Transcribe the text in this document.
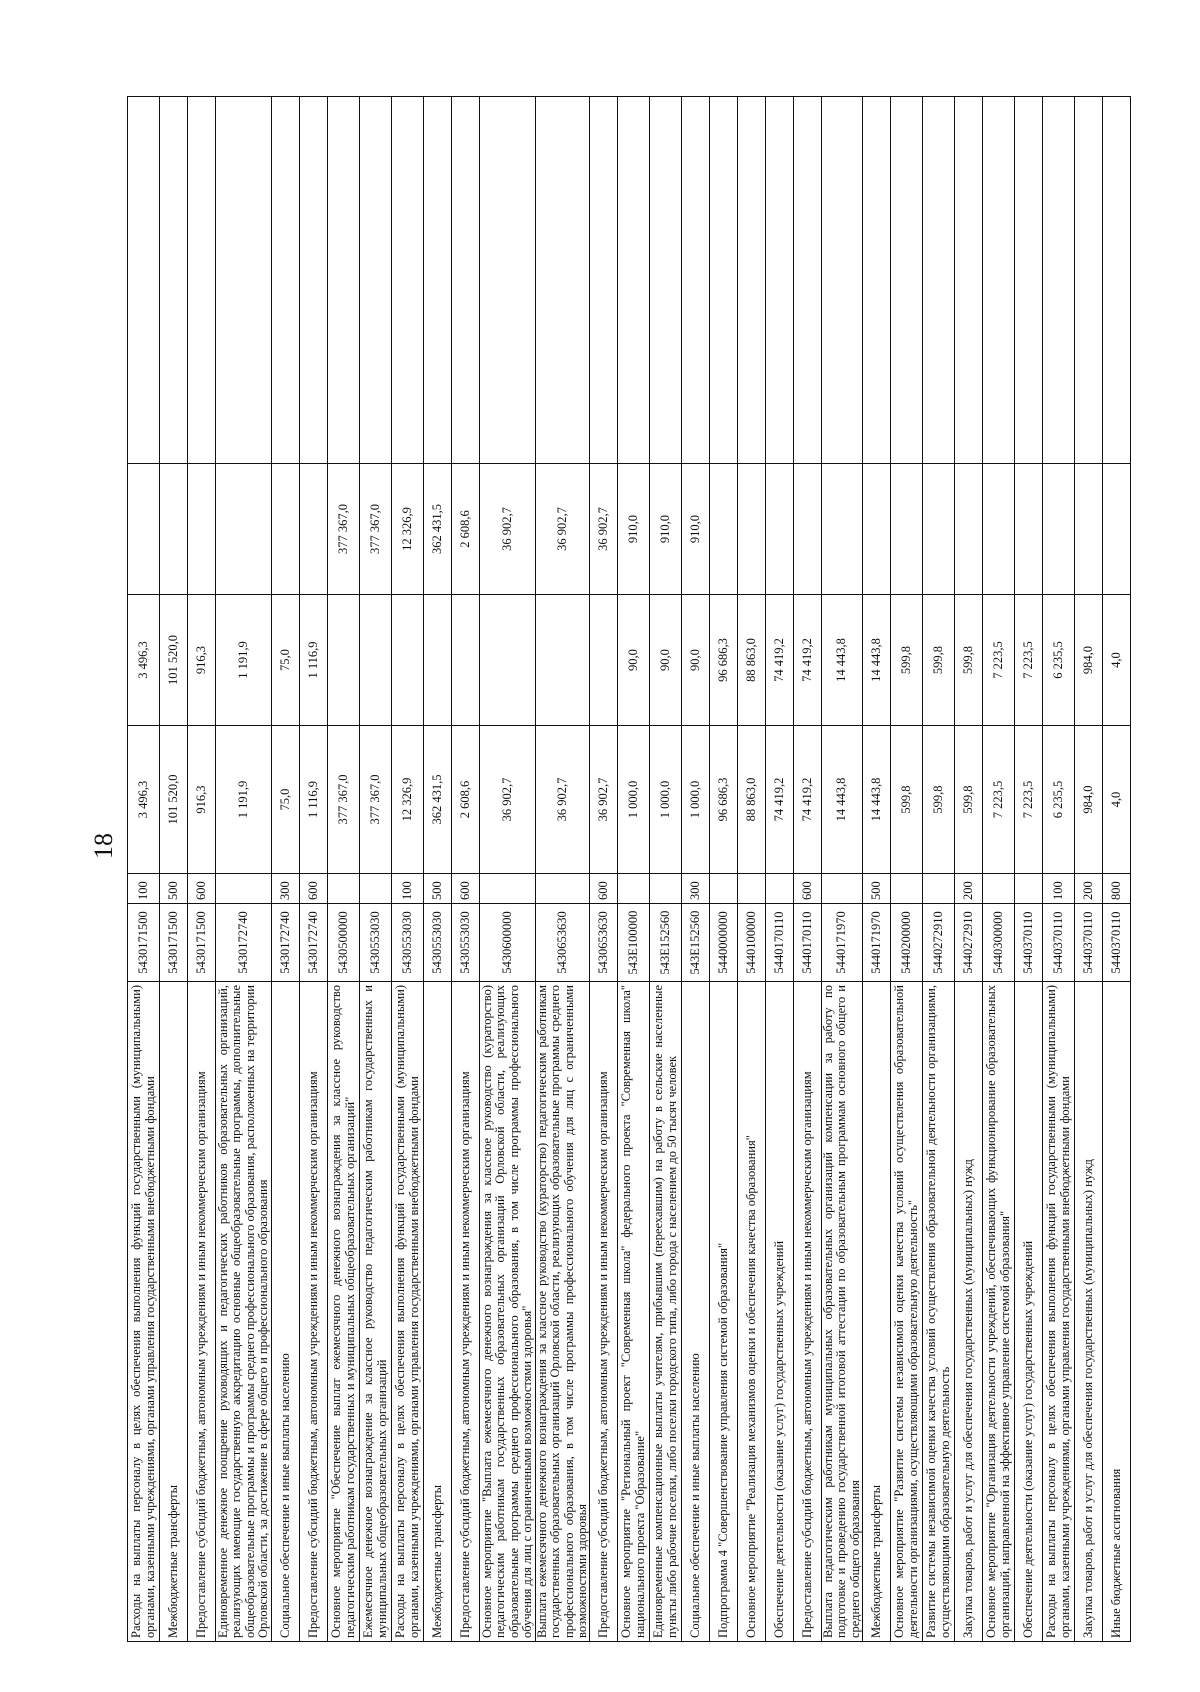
18
Расходы на выплаты персоналу в целях обеспечения выполнения функций государственными (муниципальными) органами, казенными учреждениями, органами управления государственными внебюджетными фондами	5430171500	100	3 496,3	3 496,3		
Межбюджетные трансферты	5430171500	500	101 520,0	101 520,0		
Предоставление субсидий бюджетным, автономным учреждениям и иным некоммерческим организациям	5430171500	600	916,3	916,3		
Единовременное денежное поощрение руководящих и педагогических работников образовательных организаций, реализующих имеющие государственную аккредитацию основные общеобразовательные программы, дополнительные общеобразовательные программы и программы среднего профессионального образования, расположенных на территории Орловской области, за достижение в сфере общего и профессионального образования	5430172740		1 191,9	1 191,9		
Социальное обеспечение и иные выплаты населению	5430172740	300	75,0	75,0		
Предоставление субсидий бюджетным, автономным учреждениям и иным некоммерческим организациям	5430172740	600	1 116,9	1 116,9		
Основное мероприятие "Обеспечение выплат ежемесячного денежного вознаграждения за классное руководство педагогическим работникам государственных и муниципальных общеобразовательных организаций"	5430500000		377 367,0		377 367,0	
Ежемесячное денежное вознаграждение за классное руководство педагогическим работникам государственных и муниципальных общеобразовательных организаций	5430553030		377 367,0		377 367,0	
Расходы на выплаты персоналу в целях обеспечения выполнения функций государственными (муниципальными) органами, казенными учреждениями, органами управления государственными внебюджетными фондами	5430553030	100	12 326,9		12 326,9	
Межбюджетные трансферты	5430553030	500	362 431,5		362 431,5	
Предоставление субсидий бюджетным, автономным учреждениям и иным некоммерческим организациям	5430553030	600	2 608,6		2 608,6	
Основное мероприятие "Выплата ежемесячного денежного вознаграждения за классное руководство (кураторство) педагогическим работникам государственных образовательных организаций Орловской области, реализующих образовательные программы среднего профессионального образования, в том числе программы профессионального обучения для лиц с ограниченными возможностями здоровья"	5430600000		36 902,7		36 902,7	
Выплата ежемесячного денежного вознаграждения за классное руководство (кураторство) педагогическим работникам государственных образовательных организаций Орловской области, реализующих образовательные программы среднего профессионального образования, в том числе программы профессионального обучения для лиц с ограниченными возможностями здоровья	5430653630		36 902,7		36 902,7	
Предоставление субсидий бюджетным, автономным учреждениям и иным некоммерческим организациям	5430653630	600	36 902,7		36 902,7	
Основное мероприятие "Региональный проект "Современная школа" федерального проекта "Современная школа" национального проекта "Образование"	543E100000		1 000,0	90,0	910,0	
Единовременные компенсационные выплаты учителям, прибывшим (переехавшим) на работу в сельские населенные пункты либо рабочие поселки, либо поселки городского типа, либо города с населением до 50 тысяч человек	543E152560		1 000,0	90,0	910,0	
Социальное обеспечение и иные выплаты населению	543E152560	300	1 000,0	90,0	910,0	
Подпрограмма 4 "Совершенствование управления системой образования"	5440000000		96 686,3	96 686,3		
Основное мероприятие "Реализация механизмов оценки и обеспечения качества образования"	5440100000		88 863,0	88 863,0		
Обеспечение деятельности (оказание услуг) государственных учреждений	5440170110		74 419,2	74 419,2		
Предоставление субсидий бюджетным, автономным учреждениям и иным некоммерческим организациям	5440170110	600	74 419,2	74 419,2		
Выплата педагогическим работникам муниципальных образовательных организаций компенсации за работу по подготовке и проведению государственной итоговой аттестации по образовательным программам основного общего и среднего общего образования	5440171970		14 443,8	14 443,8		
Межбюджетные трансферты	5440171970	500	14 443,8	14 443,8		
Основное мероприятие "Развитие системы независимой оценки качества условий осуществления образовательной деятельности организациями, осуществляющими образовательную деятельность"	5440200000		599,8	599,8		
Развитие системы независимой оценки качества условий осуществления образовательной деятельности организациями, осуществляющими образовательную деятельность	5440272910		599,8	599,8		
Закупка товаров, работ и услуг для обеспечения государственных (муниципальных) нужд	5440272910	200	599,8	599,8		
Основное мероприятие "Организация деятельности учреждений, обеспечивающих функционирование образовательных организаций, направленной на эффективное управление системой образования"	5440300000		7 223,5	7 223,5		
Обеспечение деятельности (оказание услуг) государственных учреждений	5440370110		7 223,5	7 223,5		
Расходы на выплаты персоналу в целях обеспечения выполнения функций государственными (муниципальными) органами, казенными учреждениями, органами управления государственными внебюджетными фондами	5440370110	100	6 235,5	6 235,5		
Закупка товаров, работ и услуг для обеспечения государственных (муниципальных) нужд	5440370110	200	984,0	984,0		
Иные бюджетные ассигнования	5440370110	800	4,0	4,0		
